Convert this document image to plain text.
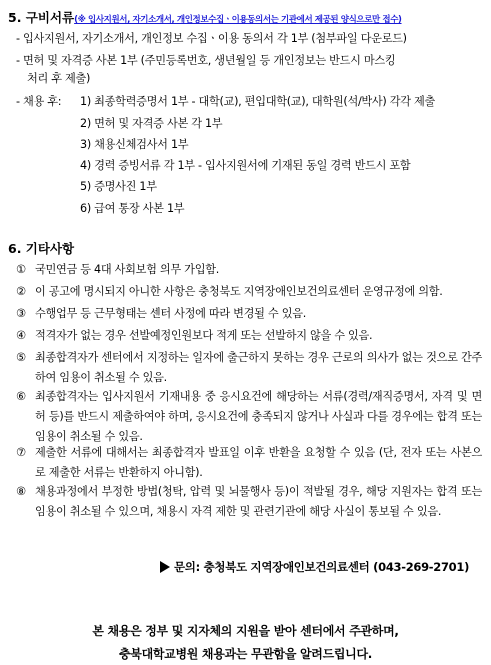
5. 구비서류(※ 입사지원서, 자기소개서, 개인정보수집ㆍ이용동의서는 기관에서 제공된 양식으로만 접수)
- 입사지원서, 자기소개서, 개인정보 수집ㆍ이용 동의서 각 1부 (첨부파일 다운로드)
- 면허 및 자격증 사본 1부 (주민등록번호, 생년월일 등 개인정보는 반드시 마스킹
처리 후 제출)
- 채용 후: 1) 최종학력증명서 1부 - 대학(교), 편입대학(교), 대학원(석/박사) 각각 제출
2) 면허 및 자격증 사본 각 1부
3) 채용신체검사서 1부
4) 경력 증빙서류 각 1부 - 입사지원서에 기재된 동일 경력 반드시 포함
5) 증명사진 1부
6) 급여 통장 사본 1부
6. 기타사항
① 국민연금 등 4대 사회보험 의무 가입함.
② 이 공고에 명시되지 아니한 사항은 충청북도 지역장애인보건의료센터 운영규정에 의함.
③ 수행업무 등 근무형태는 센터 사정에 따라 변경될 수 있음.
④ 적격자가 없는 경우 선발예정인원보다 적게 또는 선발하지 않을 수 있음.
⑤ 최종합격자가 센터에서 지정하는 일자에 출근하지 못하는 경우 근로의 의사가 없는 것으로 간주하여 임용이 취소될 수 있음.
⑥ 최종합격자는 입사지원서 기재내용 중 응시요건에 해당하는 서류(경력/재직증명서, 자격 및 면허 등)를 반드시 제출하여야 하며, 응시요건에 충족되지 않거나 사실과 다를 경우에는 합격 또는 임용이 취소될 수 있음.
⑦ 제출한 서류에 대해서는 최종합격자 발표일 이후 반환을 요청할 수 있음 (단, 전자 또는 사본으로 제출한 서류는 반환하지 아니함).
⑧ 채용과정에서 부정한 방법(청탁, 압력 및 뇌물행사 등)이 적발될 경우, 해당 지원자는 합격 또는 임용이 취소될 수 있으며, 채용시 자격 제한 및 관련기관에 해당 사실이 통보될 수 있음.
문의: 충청북도 지역장애인보건의료센터 (043-269-2701)
본 채용은 정부 및 지자체의 지원을 받아 센터에서 주관하며,
충북대학교병원 채용과는 무관함을 알려드립니다.
